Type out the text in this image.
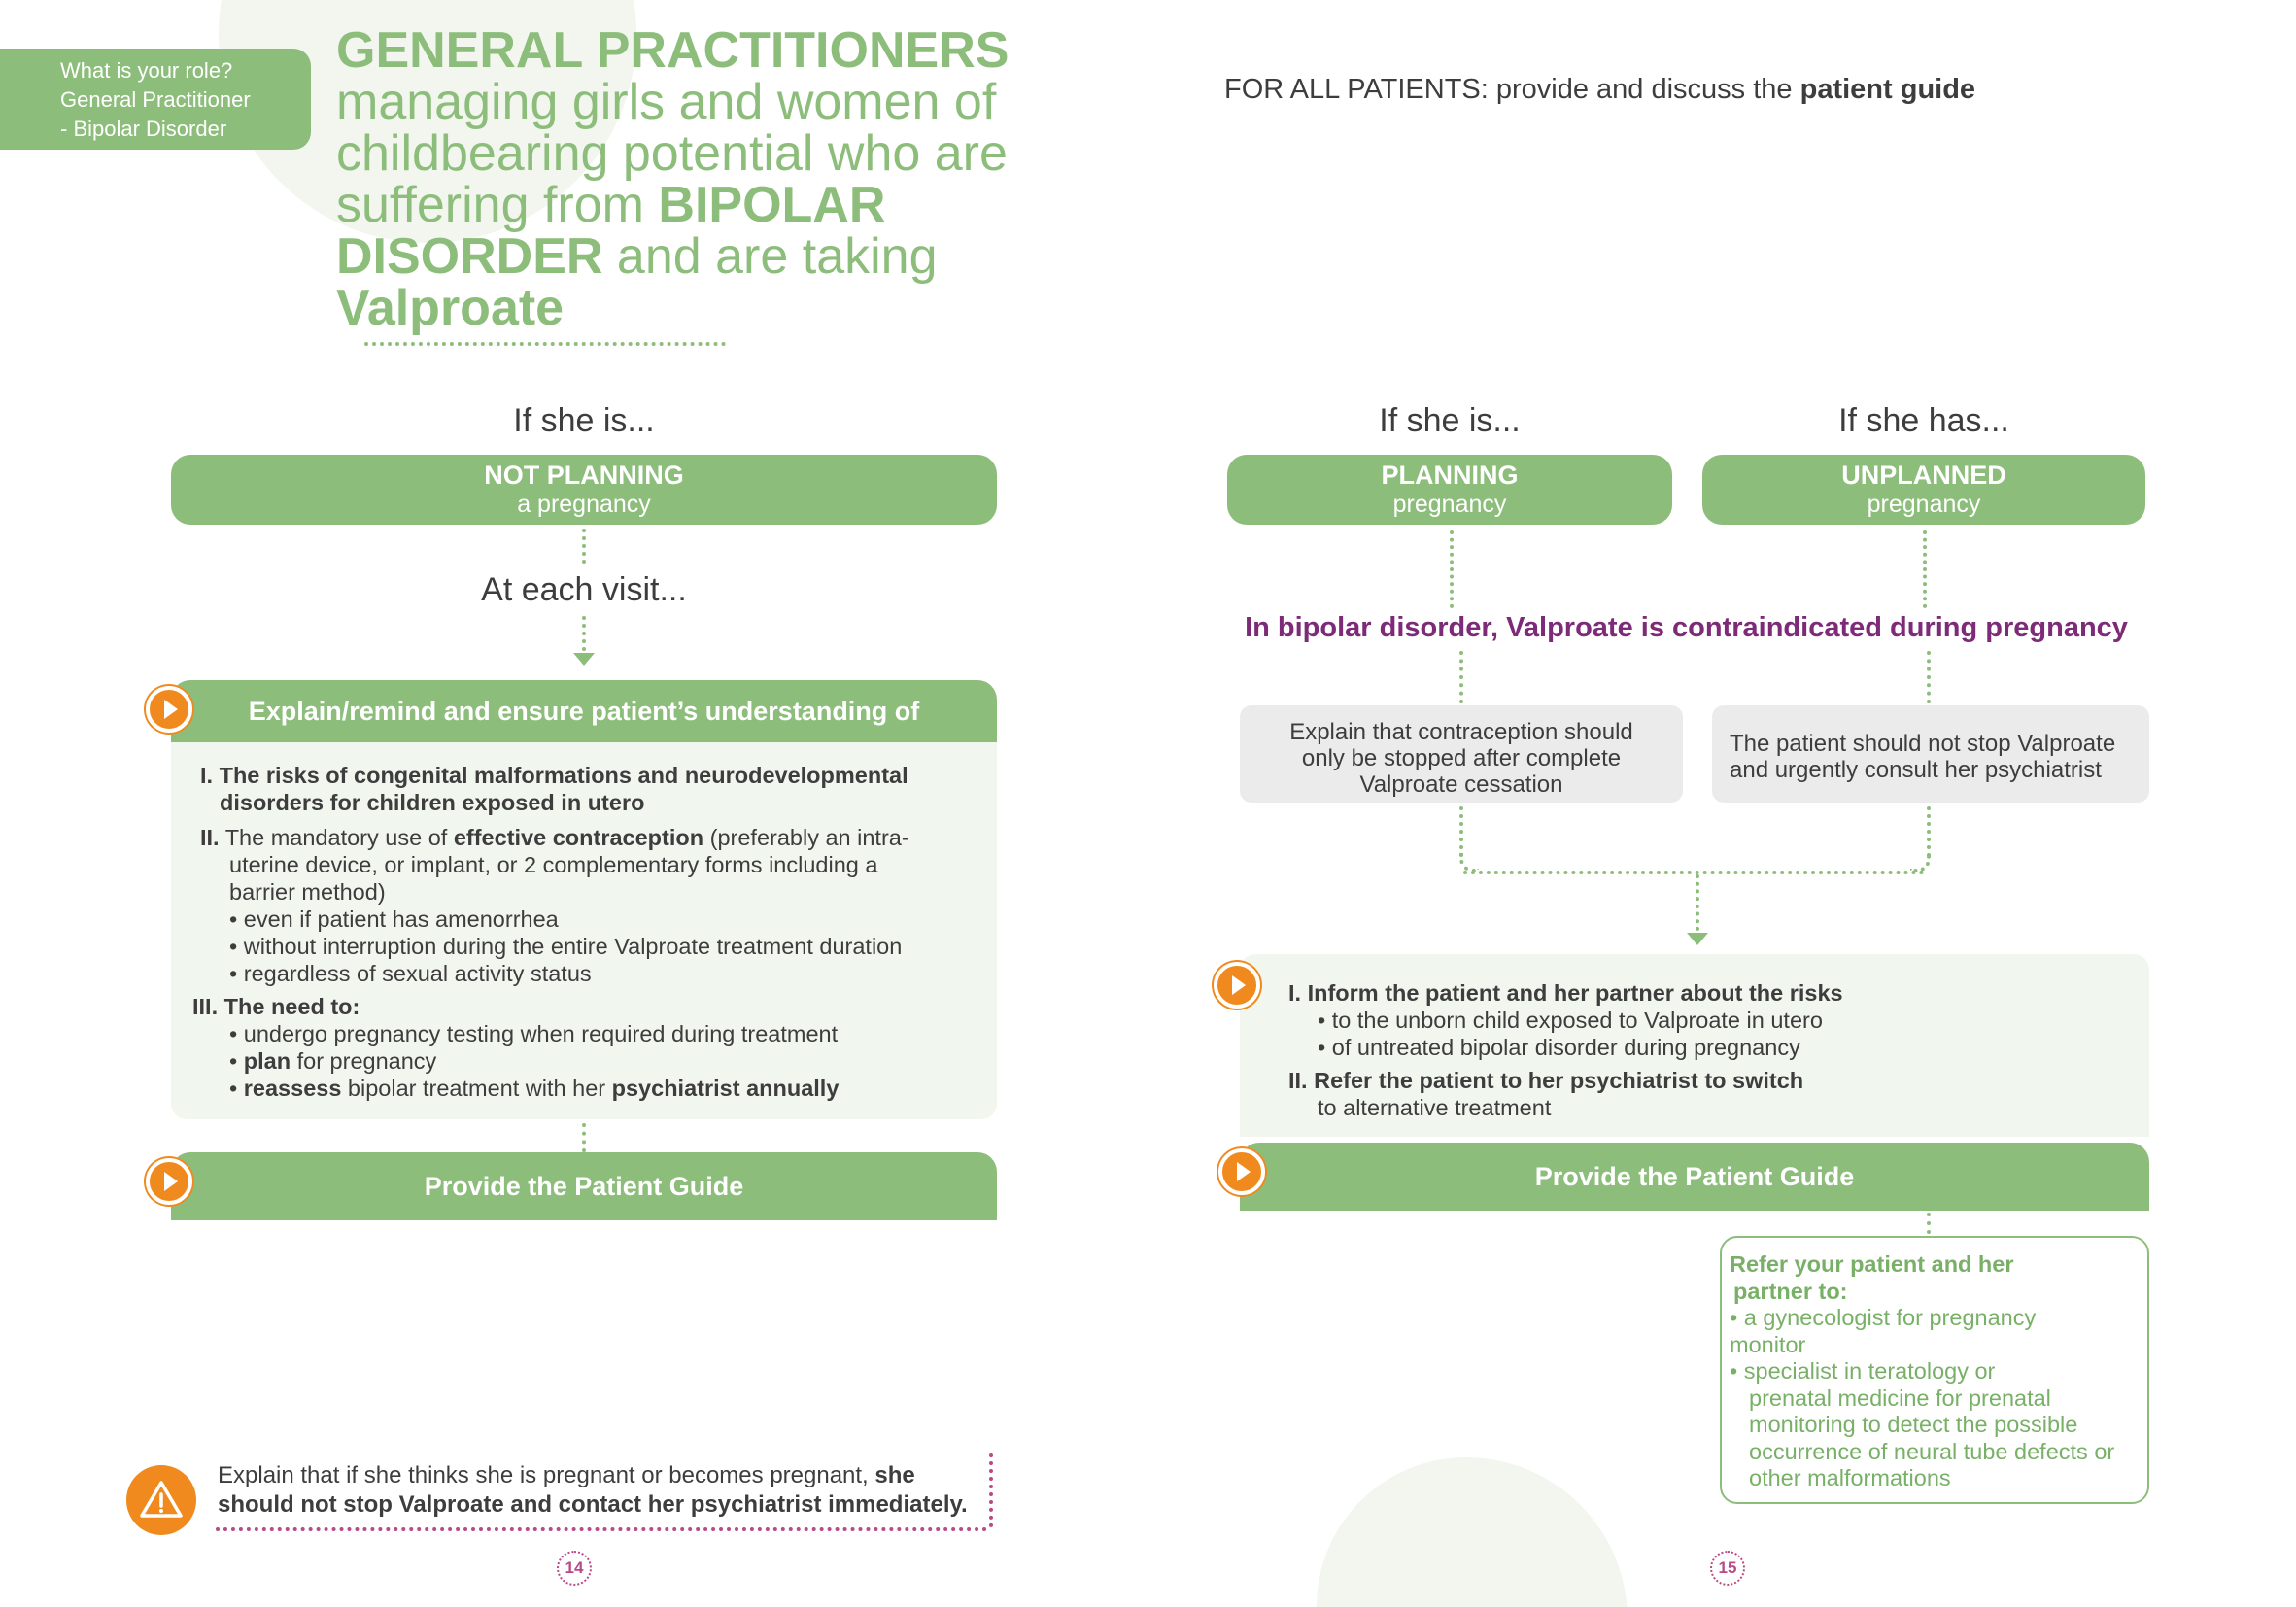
What is your role?
General Practitioner
- Bipolar Disorder
GENERAL PRACTITIONERS
managing girls and women of
childbearing potential who are
suffering from BIPOLAR
DISORDER and are taking
Valproate
If she is...
NOT PLANNING
a pregnancy
At each visit...
Explain/remind and ensure patient’s understanding of
I. The risks of congenital malformations and neurodevelopmental
disorders for children exposed in utero
II. The mandatory use of effective contraception (preferably an intra-
uterine device, or implant, or 2 complementary forms including a
barrier method)
• even if patient has amenorrhea
• without interruption during the entire Valproate treatment duration
• regardless of sexual activity status
III. The need to:
• undergo pregnancy testing when required during treatment
• plan for pregnancy
• reassess bipolar treatment with her psychiatrist annually
Provide the Patient Guide
Explain that if she thinks she is pregnant or becomes pregnant, she
should not stop Valproate and contact her psychiatrist immediately.
14
FOR ALL PATIENTS: provide and discuss the patient guide
If she is...	If she has...
PLANNING
pregnancy
UNPLANNED
pregnancy
In bipolar disorder, Valproate is contraindicated during pregnancy
Explain that contraception should
only be stopped after complete
Valproate cessation
The patient should not stop Valproate
and urgently consult her psychiatrist
I. Inform the patient and her partner about the risks
• to the unborn child exposed to Valproate in utero
• of untreated bipolar disorder during pregnancy
II. Refer the patient to her psychiatrist to switch
to alternative treatment
Provide the Patient Guide
Refer your patient and her
partner to:
• a gynecologist for pregnancy
monitor
• specialist in teratology or
prenatal medicine for prenatal
monitoring to detect the possible
occurrence of neural tube defects or
other malformations
15
